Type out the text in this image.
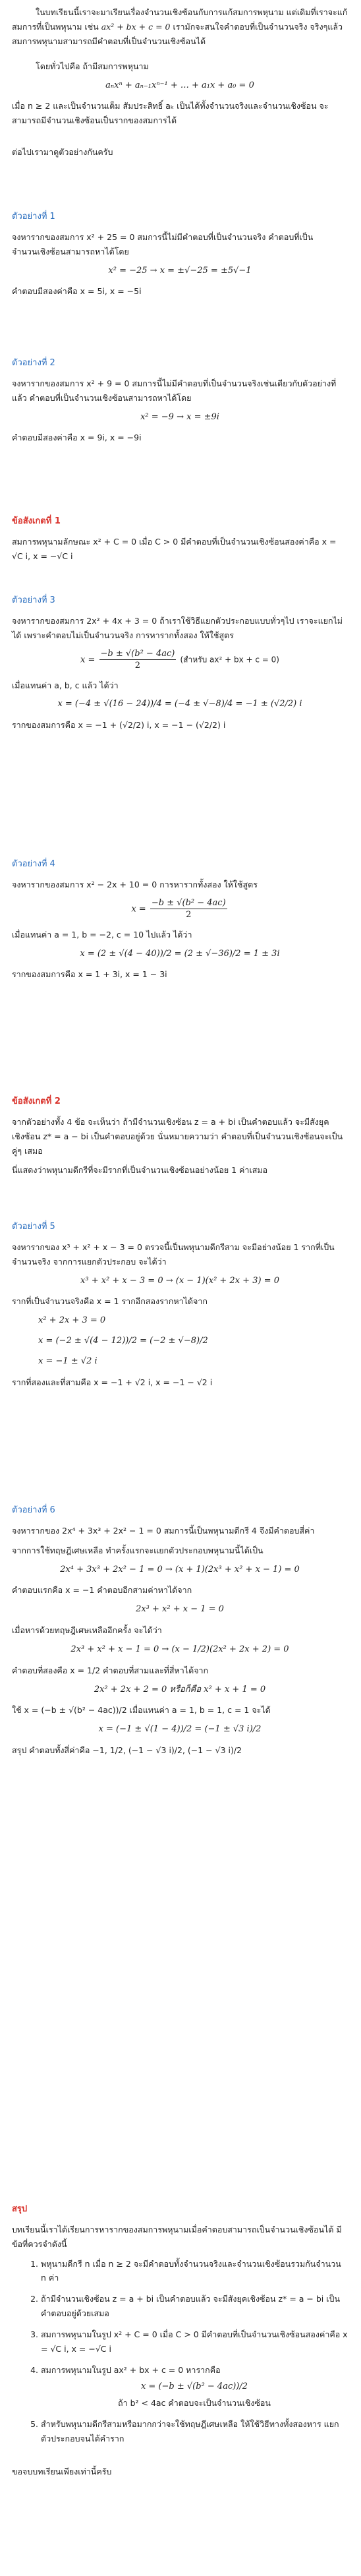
ในบทเรียนนี้เราจะมาเรียนเรื่องจำนวนเชิงซ้อนกับการแก้สมการพหุนาม แต่เดิมที่เราจะแก้สมการที่เป็นพหุนาม เช่น ax² + bx + c = 0 เรามักจะสนใจคำตอบที่เป็นจำนวนจริง จริงๆแล้ว สมการพหุนามสามารถมีคำตอบที่เป็นจำนวนเชิงซ้อนได้

โดยทั่วไปคือ ถ้ามีสมการพหุนาม

aₙxⁿ + aₙ₋₁xⁿ⁻¹ + … + a₁x + a₀ = 0

เมื่อ n ≥ 2 และเป็นจำนวนเต็ม สัมประสิทธิ์ aₖ เป็นได้ทั้งจำนวนจริงและจำนวนเชิงซ้อน จะสามารถมีจำนวนเชิงซ้อนเป็นรากของสมการได้

ต่อไปเรามาดูตัวอย่างกันครับ

ตัวอย่างที่ 1

จงหารากของสมการ x² + 25 = 0 สมการนี้ไม่มีคำตอบที่เป็นจำนวนจริง คำตอบที่เป็นจำนวนเชิงซ้อนสามารถหาได้โดย

x² = −25 → x = ±√−25 = ±5√−1

คำตอบมีสองค่าคือ x = 5i, x = −5i

ตัวอย่างที่ 2

จงหารากของสมการ x² + 9 = 0 สมการนี้ไม่มีคำตอบที่เป็นจำนวนจริงเช่นเดียวกับตัวอย่างที่แล้ว คำตอบที่เป็นจำนวนเชิงซ้อนสามารถหาได้โดย

x² = −9 → x = ±9i

คำตอบมีสองค่าคือ x = 9i, x = −9i

ข้อสังเกตที่ 1

สมการพหุนามลักษณะ x² + C = 0 เมื่อ C > 0 มีคำตอบที่เป็นจำนวนเชิงซ้อนสองค่าคือ x = √C i, x = −√C i

ตัวอย่างที่ 3

จงหารากของสมการ 2x² + 4x + 3 = 0 ถ้าเราใช้วิธีแยกตัวประกอบแบบทั่วๆไป เราจะแยกไม่ได้ เพราะคำตอบไม่เป็นจำนวนจริง การหารากทั้งสอง ให้ใช้สูตร

$x = \frac{\text{−b ± √(b² − 4ac)}}{2}$ (สำหรับ ax² + bx + c = 0)

เมื่อแทนค่า a, b, c แล้ว ได้ว่า

x = (−4 ± √(16 − 24))/4 = (−4 ± √−8)/4 = −1 ± (√2/2) i

รากของสมการคือ x = −1 + (√2/2) i, x = −1 − (√2/2) i

ตัวอย่างที่ 4

จงหารากของสมการ x² − 2x + 10 = 0 การหารากทั้งสอง ให้ใช้สูตร

$x = \frac{\text{−b ± √(b² − 4ac)}}{2}$

เมื่อแทนค่า a = 1, b = −2, c = 10 ไปแล้ว ได้ว่า

x = (2 ± √(4 − 40))/2 = (2 ± √−36)/2 = 1 ± 3i

รากของสมการคือ x = 1 + 3i, x = 1 − 3i

ข้อสังเกตที่ 2

จากตัวอย่างทั้ง 4 ข้อ จะเห็นว่า ถ้ามีจำนวนเชิงซ้อน z = a + bi เป็นคำตอบแล้ว จะมีสังยุคเชิงซ้อน z* = a − bi เป็นคำตอบอยู่ด้วย นั่นหมายความว่า คำตอบที่เป็นจำนวนเชิงซ้อนจะเป็นคู่ๆ เสมอ

นี่แสดงว่าพหุนามดีกรีที่จะมีรากที่เป็นจำนวนเชิงซ้อนอย่างน้อย 1 ค่าเสมอ

ตัวอย่างที่ 5

จงหารากของ x³ + x² + x − 3 = 0 ตรวจนี้เป็นพหุนามดีกรีสาม จะมีอย่างน้อย 1 รากที่เป็นจำนวนจริง จากการแยกตัวประกอบ จะได้ว่า

x³ + x² + x − 3 = 0 → (x − 1)(x² + 2x + 3) = 0

รากที่เป็นจำนวนจริงคือ x = 1 รากอีกสองรากหาได้จาก

x² + 2x + 3 = 0
x = (−2 ± √(4 − 12))/2 = (−2 ± √−8)/2
x = −1 ± √2 i

รากที่สองและที่สามคือ x = −1 + √2 i, x = −1 − √2 i

ตัวอย่างที่ 6

จงหารากของ 2x⁴ + 3x³ + 2x² − 1 = 0 สมการนี้เป็นพหุนามดีกรี 4 จึงมีคำตอบสี่ค่า

จากการใช้ทฤษฎีเศษเหลือ ทำครั้งแรกจะแยกตัวประกอบพหุนามนี้ได้เป็น

2x⁴ + 3x³ + 2x² − 1 = 0 → (x + 1)(2x³ + x² + x − 1) = 0

คำตอบแรกคือ x = −1 คำตอบอีกสามค่าหาได้จาก

2x³ + x² + x − 1 = 0

เมื่อหารด้วยทฤษฎีเศษเหลืออีกครั้ง จะได้ว่า

2x³ + x² + x − 1 = 0 → (x − 1/2)(2x² + 2x + 2) = 0

คำตอบที่สองคือ x = 1/2 คำตอบที่สามและที่สี่หาได้จาก

2x² + 2x + 2 = 0 หรือก็คือ x² + x + 1 = 0

ใช้ x = (−b ± √(b² − 4ac))/2 เมื่อแทนค่า a = 1, b = 1, c = 1 จะได้

x = (−1 ± √(1 − 4))/2 = (−1 ± √3 i)/2

สรุป คำตอบทั้งสี่ค่าคือ −1, 1/2, (−1 − √3 i)/2, (−1 − √3 i)/2

สรุป

บทเรียนนี้เราได้เรียนการหารากของสมการพหุนามเมื่อคำตอบสามารถเป็นจำนวนเชิงซ้อนได้ มีข้อที่ควรจำดังนี้

1. พหุนามดีกรี n เมื่อ n ≥ 2 จะมีคำตอบทั้งจำนวนจริงและจำนวนเชิงซ้อนรวมกันจำนวน n ค่า
2. ถ้ามีจำนวนเชิงซ้อน z = a + bi เป็นคำตอบแล้ว จะมีสังยุคเชิงซ้อน z* = a − bi เป็นคำตอบอยู่ด้วยเสมอ
3. สมการพหุนามในรูป x² + C = 0 เมื่อ C > 0 มีคำตอบที่เป็นจำนวนเชิงซ้อนสองค่าคือ x = √C i, x = −√C i
4. สมการพหุนามในรูป ax² + bx + c = 0 หารากคือ
x = (−b ± √(b² − 4ac))/2
ถ้า b² < 4ac คำตอบจะเป็นจำนวนเชิงซ้อน
5. สำหรับพหุนามดีกรีสามหรือมากกว่าจะใช้ทฤษฎีเศษเหลือ ให้ใช้วิธีทางทั้งสองหาร แยกตัวประกอบจนได้คำราก

ขอจบบทเรียนเพียงเท่านี้ครับ
